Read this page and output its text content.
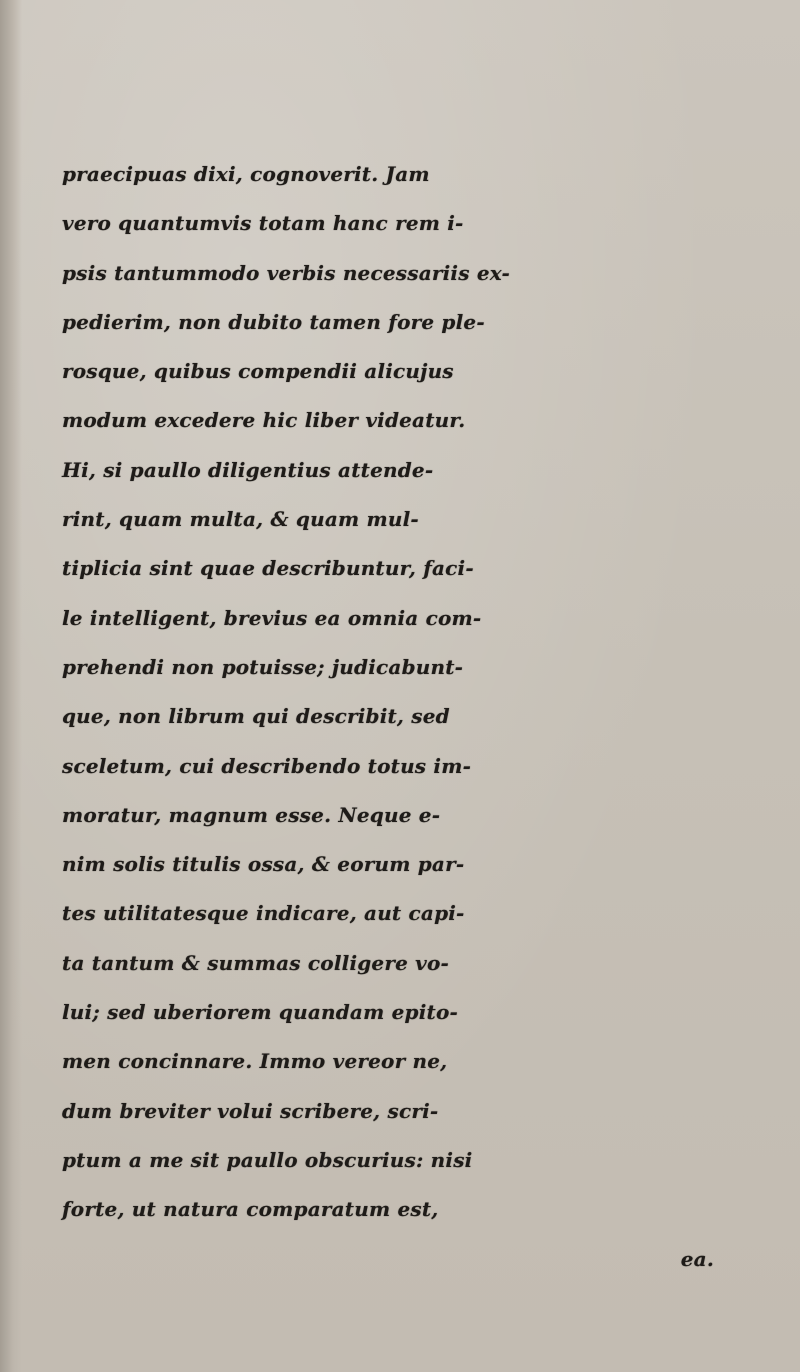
praecipuas dixi, cognoverit. Jam
vero quantumvis totam hanc rem i-
psis tantummodo verbis necessariis ex-
pedierim, non dubito tamen fore ple-
rosque, quibus compendii alicujus
modum excedere hic liber videatur.
Hi, si paullo diligentius attende-
rint, quam multa, & quam mul-
tiplicia sint quae describuntur, faci-
le intelligent, brevius ea omnia com-
prehendi non potuisse; judicabunt-
que, non librum qui describit, sed
sceletum, cui describendo totus im-
moratur, magnum esse. Neque e-
nim solis titulis ossa, & eorum par-
tes utilitatesque indicare, aut capi-
ta tantum & summas colligere vo-
lui; sed uberiorem quandam epito-
men concinnare. Immo vereor ne,
dum breviter volui scribere, scri-
ptum a me sit paullo obscurius: nisi
forte, ut natura comparatum est,
ea.
